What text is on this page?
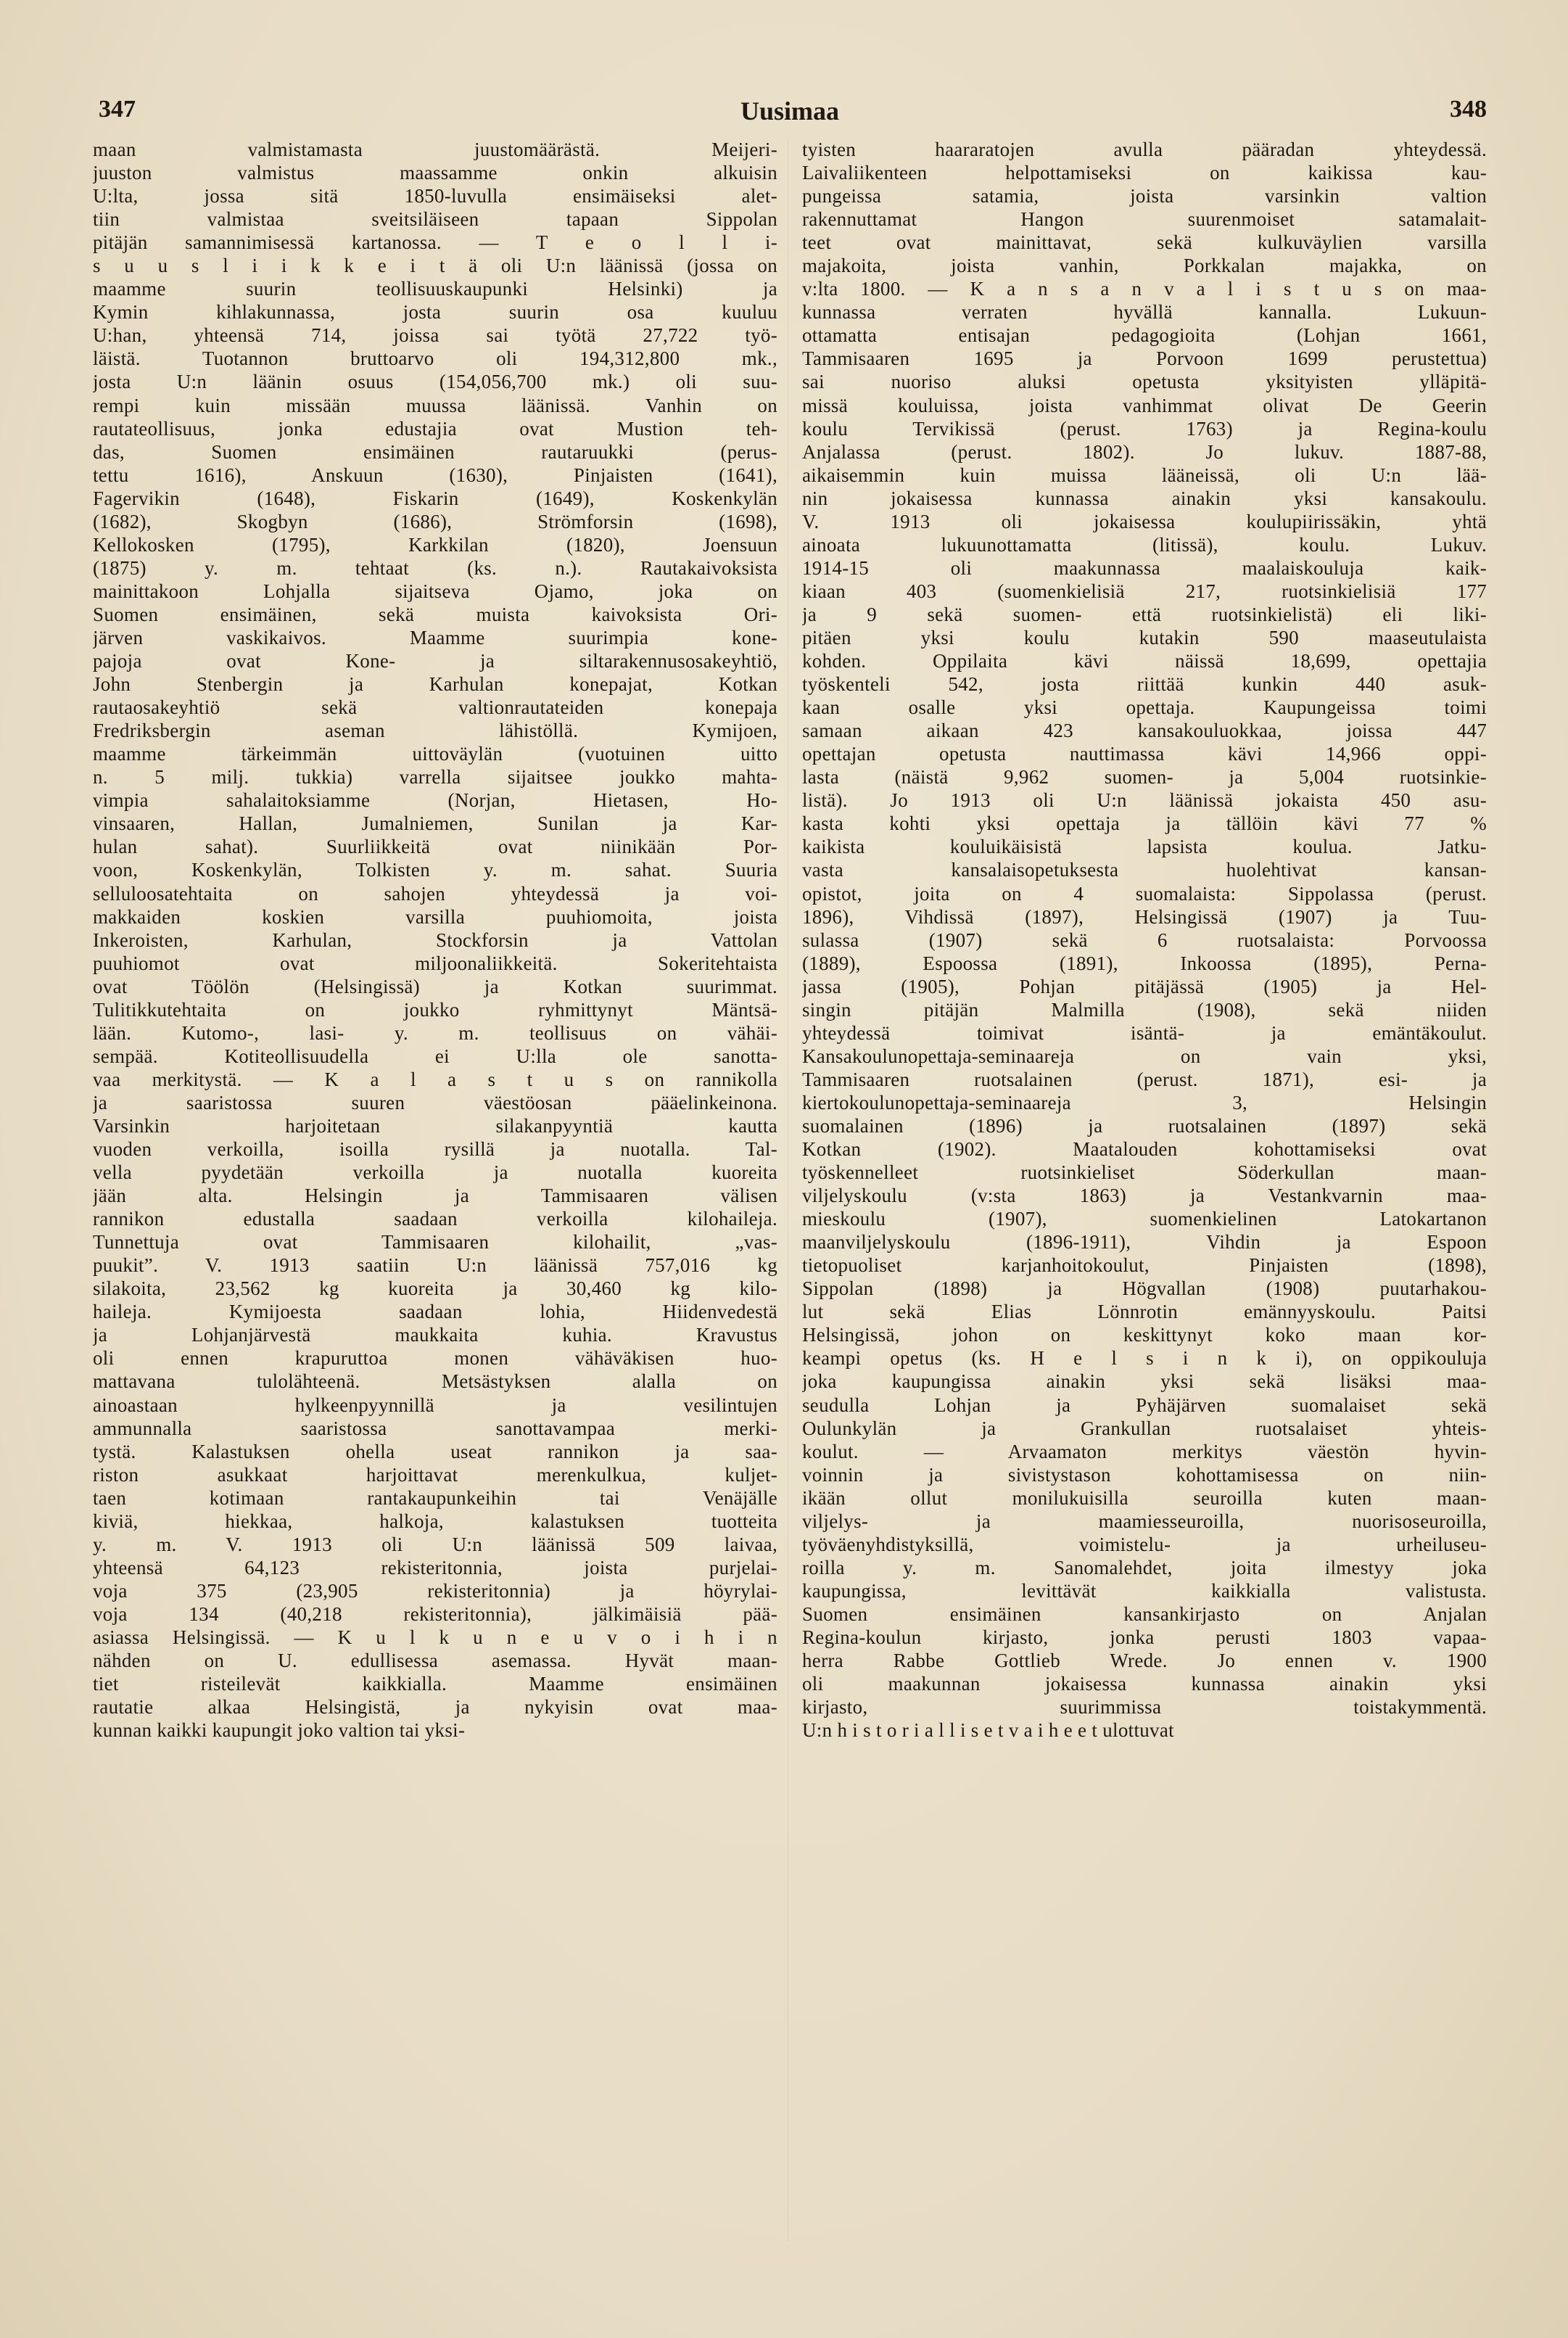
347	Uusimaa	348
maan valmistamasta juustomäärästä. Meijeri-
juuston valmistus maassamme onkin alkuisin
U:lta, jossa sitä 1850-luvulla ensimäiseksi alet-
tiin valmistaa sveitsiläiseen tapaan Sippolan
pitäjän samannimisessä kartanossa. — T e o l l i-
s u u s l i i k k e i t ä oli U:n läänissä (jossa on
maamme suurin teollisuuskaupunki Helsinki) ja
Kymin kihlakunnassa, josta suurin osa kuuluu
U:han, yhteensä 714, joissa sai työtä 27,722 työ-
läistä. Tuotannon bruttoarvo oli 194,312,800 mk.,
josta U:n läänin osuus (154,056,700 mk.) oli suu-
rempi kuin missään muussa läänissä. Vanhin on
rautateollisuus, jonka edustajia ovat Mustion teh-
das, Suomen ensimäinen rautaruukki (perus-
tettu 1616), Anskuun (1630), Pinjaisten (1641),
Fagervikin (1648), Fiskarin (1649), Koskenkylän
(1682), Skogbyn (1686), Strömforsin (1698),
Kellokosken (1795), Karkkilan (1820), Joensuun
(1875) y. m. tehtaat (ks. n.). Rautakaivoksista
mainittakoon Lohjalla sijaitseva Ojamo, joka on
Suomen ensimäinen, sekä muista kaivoksista Ori-
järven vaskikaivos. Maamme suurimpia kone-
pajoja ovat Kone- ja siltarakennusosakeyhtiö,
John Stenbergin ja Karhulan konepajat, Kotkan
rautaosakeyhtiö sekä valtionrautateiden konepaja
Fredriksbergin aseman lähistöllä. Kymijoen,
maamme tärkeimmän uittoväylän (vuotuinen uitto
n. 5 milj. tukkia) varrella sijaitsee joukko mahta-
vimpia sahalaitoksiamme (Norjan, Hietasen, Ho-
vinsaaren, Hallan, Jumalniemen, Sunilan ja Kar-
hulan sahat). Suurliikkeitä ovat niinikään Por-
voon, Koskenkylän, Tolkisten y. m. sahat. Suuria
selluloosatehtaita on sahojen yhteydessä ja voi-
makkaiden koskien varsilla puuhiomoita, joista
Inkeroisten, Karhulan, Stockforsin ja Vattolan
puuhiomot ovat miljoonaliikkeitä. Sokeritehtaista
ovat Töölön (Helsingissä) ja Kotkan suurimmat.
Tulitikkutehtaita on joukko ryhmittynyt Mäntsä-
lään. Kutomo-, lasi- y. m. teollisuus on vähäi-
sempää. Kotiteollisuudella ei U:lla ole sanotta-
vaa merkitystä. — K a l a s t u s on rannikolla
ja saaristossa suuren väestöosan pääelinkeinona.
Varsinkin harjoitetaan silakanpyyntiä kautta
vuoden verkoilla, isoilla rysillä ja nuotalla. Tal-
vella pyydetään verkoilla ja nuotalla kuoreita
jään alta. Helsingin ja Tammisaaren välisen
rannikon edustalla saadaan verkoilla kilohaileja.
Tunnettuja ovat Tammisaaren kilohailit, „vas-
puukit”. V. 1913 saatiin U:n läänissä 757,016 kg
silakoita, 23,562 kg kuoreita ja 30,460 kg kilo-
haileja. Kymijoesta saadaan lohia, Hiidenvedestä
ja Lohjanjärvestä maukkaita kuhia. Kravustus
oli ennen krapuruttoa monen vähäväkisen huo-
mattavana tulolähteenä. Metsästyksen alalla on
ainoastaan hylkeenpyynnillä ja vesilintujen
ammunnalla saaristossa sanottavampaa merki-
tystä. Kalastuksen ohella useat rannikon ja saa-
riston asukkaat harjoittavat merenkulkua, kuljet-
taen kotimaan rantakaupunkeihin tai Venäjälle
kiviä, hiekkaa, halkoja, kalastuksen tuotteita
y. m. V. 1913 oli U:n läänissä 509 laivaa,
yhteensä 64,123 rekisteritonnia, joista purjelai-
voja 375 (23,905 rekisteritonnia) ja höyrylai-
voja 134 (40,218 rekisteritonnia), jälkimäisiä pää-
asiassa Helsingissä. — K u l k u n e u v o i h i n
nähden on U. edullisessa asemassa. Hyvät maan-
tiet risteilevät kaikkialla. Maamme ensimäinen
rautatie alkaa Helsingistä, ja nykyisin ovat maa-
kunnan kaikki kaupungit joko valtion tai yksi-
tyisten haararatojen avulla pääradan yhteydessä.
Laivaliikenteen helpottamiseksi on kaikissa kau-
pungeissa satamia, joista varsinkin valtion
rakennuttamat Hangon suurenmoiset satamalait-
teet ovat mainittavat, sekä kulkuväylien varsilla
majakoita, joista vanhin, Porkkalan majakka, on
v:lta 1800. — K a n s a n v a l i s t u s on maa-
kunnassa verraten hyvällä kannalla. Lukuun-
ottamatta entisajan pedagogioita (Lohjan 1661,
Tammisaaren 1695 ja Porvoon 1699 perustettua)
sai nuoriso aluksi opetusta yksityisten ylläpitä-
missä kouluissa, joista vanhimmat olivat De Geerin
koulu Tervikissä (perust. 1763) ja Regina-koulu
Anjalassa (perust. 1802). Jo lukuv. 1887-88,
aikaisemmin kuin muissa lääneissä, oli U:n lää-
nin jokaisessa kunnassa ainakin yksi kansakoulu.
V. 1913 oli jokaisessa koulupiirissäkin, yhtä
ainoata lukuunottamatta (litissä), koulu. Lukuv.
1914-15 oli maakunnassa maalaiskouluja kaik-
kiaan 403 (suomenkielisiä 217, ruotsinkielisiä 177
ja 9 sekä suomen- että ruotsinkielistä) eli liki-
pitäen yksi koulu kutakin 590 maaseutulaista
kohden. Oppilaita kävi näissä 18,699, opettajia
työskenteli 542, josta riittää kunkin 440 asuk-
kaan osalle yksi opettaja. Kaupungeissa toimi
samaan aikaan 423 kansakouluokkaa, joissa 447
opettajan opetusta nauttimassa kävi 14,966 oppi-
lasta (näistä 9,962 suomen- ja 5,004 ruotsinkie-
listä). Jo 1913 oli U:n läänissä jokaista 450 asu-
kasta kohti yksi opettaja ja tällöin kävi 77 %
kaikista kouluikäisistä lapsista koulua. Jatku-
vasta kansalaisopetuksesta huolehtivat kansan-
opistot, joita on 4 suomalaista: Sippolassa (perust.
1896), Vihdissä (1897), Helsingissä (1907) ja Tuu-
sulassa (1907) sekä 6 ruotsalaista: Porvoossa
(1889), Espoossa (1891), Inkoossa (1895), Perna-
jassa (1905), Pohjan pitäjässä (1905) ja Hel-
singin pitäjän Malmilla (1908), sekä niiden
yhteydessä toimivat isäntä- ja emäntäkoulut.
Kansakoulunopettaja-seminaareja on vain yksi,
Tammisaaren ruotsalainen (perust. 1871), esi- ja
kiertokoulunopettaja-seminaareja 3, Helsingin
suomalainen (1896) ja ruotsalainen (1897) sekä
Kotkan (1902). Maatalouden kohottamiseksi ovat
työskennelleet ruotsinkieliset Söderkullan maan-
viljelyskoulu (v:sta 1863) ja Vestankvarnin maa-
mieskoulu (1907), suomenkielinen Latokartanon
maanviljelyskoulu (1896-1911), Vihdin ja Espoon
tietopuoliset karjanhoitokoulut, Pinjaisten (1898),
Sippolan (1898) ja Högvallan (1908) puutarhakou-
lut sekä Elias Lönnrotin emännyyskoulu. Paitsi
Helsingissä, johon on keskittynyt koko maan kor-
keampi opetus (ks. H e l s i n k i), on oppikouluja
joka kaupungissa ainakin yksi sekä lisäksi maa-
seudulla Lohjan ja Pyhäjärven suomalaiset sekä
Oulunkylän ja Grankullan ruotsalaiset yhteis-
koulut. — Arvaamaton merkitys väestön hyvin-
voinnin ja sivistystason kohottamisessa on niin-
ikään ollut monilukuisilla seuroilla kuten maan-
viljelys- ja maamiesseuroilla, nuorisoseuroilla,
työväenyhdistyksillä, voimistelu- ja urheiluseu-
roilla y. m. Sanomalehdet, joita ilmestyy joka
kaupungissa, levittävät kaikkialla valistusta.
Suomen ensimäinen kansankirjasto on Anjalan
Regina-koulun kirjasto, jonka perusti 1803 vapaa-
herra Rabbe Gottlieb Wrede. Jo ennen v. 1900
oli maakunnan jokaisessa kunnassa ainakin yksi
kirjasto, suurimmissa toistakymmentä.
U:n h i s t o r i a l l i s e t v a i h e e t ulottuvat
